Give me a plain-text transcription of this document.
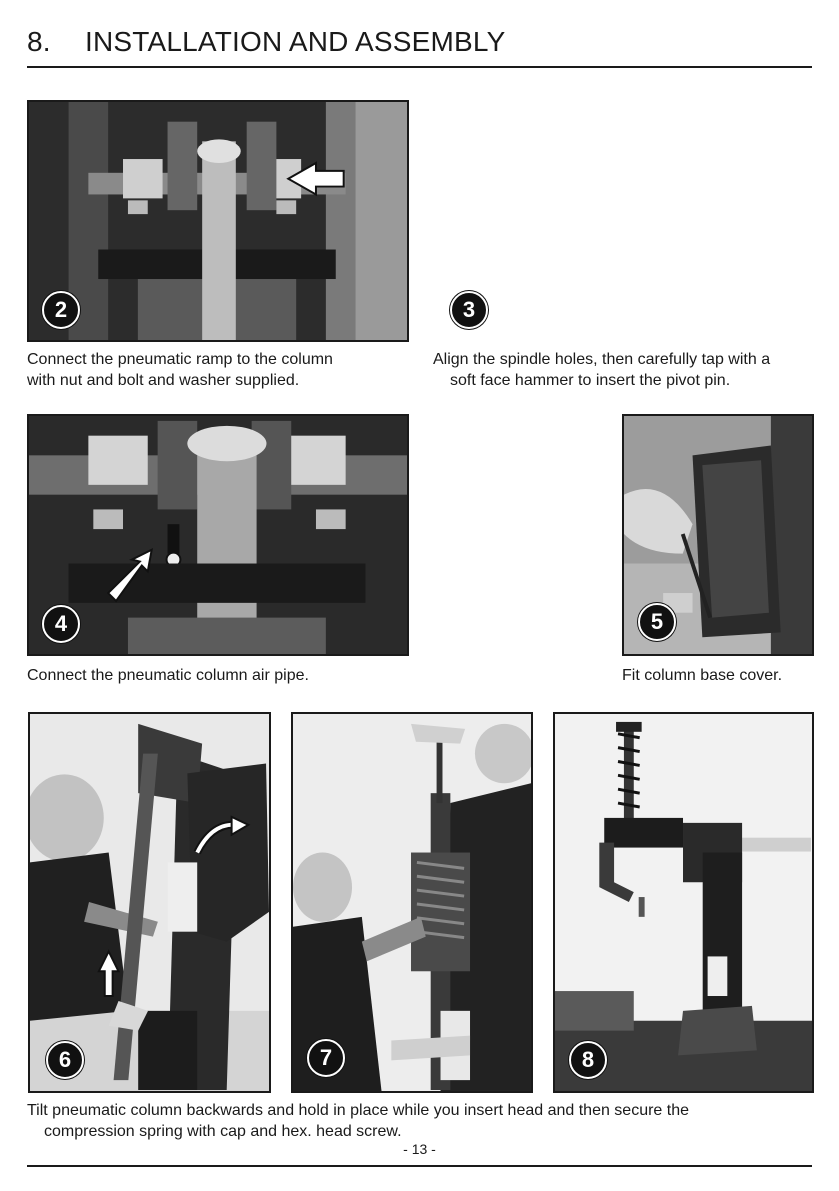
8. INSTALLATION AND ASSEMBLY
2	3
Connect the pneumatic ramp to the column
with nut and bolt and washer supplied.
Align the spindle holes, then carefully tap with a
soft face hammer to insert the pivot pin.
4	5
Connect the pneumatic column air pipe.	Fit column base cover.
6	7	8
Tilt pneumatic column backwards and hold in place while you insert head and then secure the
compression spring with cap and hex. head screw.
- 13 -
